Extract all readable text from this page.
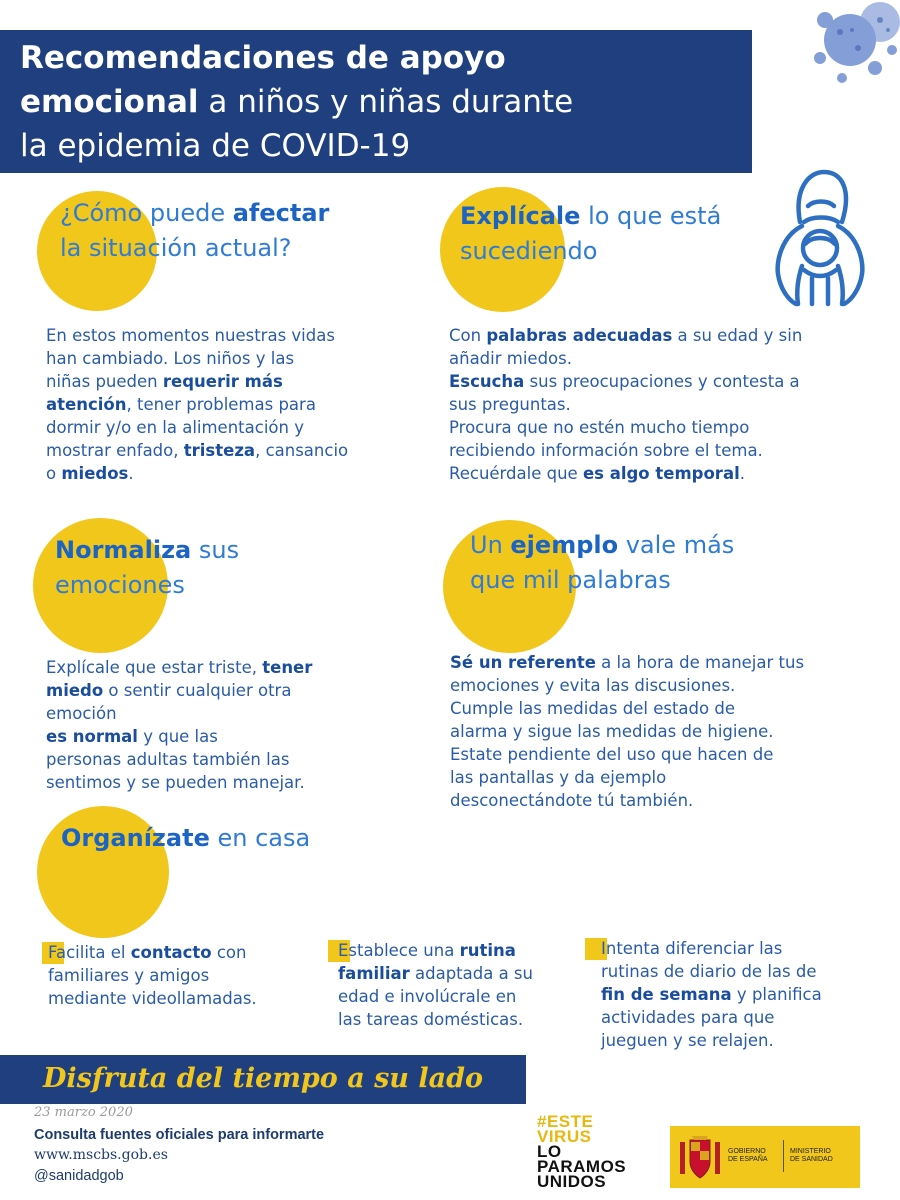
Recomendaciones de apoyo
emocional a niños y niñas durante
la epidemia de COVID-19
¿Cómo puede afectar
la situación actual?
En estos momentos nuestras vidas
han cambiado. Los niños y las
niñas pueden requerir más
atención, tener problemas para
dormir y/o en la alimentación y
mostrar enfado, tristeza, cansancio
o miedos.
Explícale lo que está
sucediendo
Con palabras adecuadas a su edad y sin
añadir miedos.
Escucha sus preocupaciones y contesta a
sus preguntas.
Procura que no estén mucho tiempo
recibiendo información sobre el tema.
Recuérdale que es algo temporal.
Normaliza sus
emociones
Explícale que estar triste, tener
miedo o sentir cualquier otra emoción
es normal y que las
personas adultas también las
sentimos y se pueden manejar.
Un ejemplo vale más
que mil palabras
Sé un referente a la hora de manejar tus
emociones y evita las discusiones.
Cumple las medidas del estado de
alarma y sigue las medidas de higiene.
Estate pendiente del uso que hacen de
las pantallas y da ejemplo
desconectándote tú también.
Organízate en casa
Facilita el contacto con
familiares y amigos
mediante videollamadas.
Establece una rutina
familiar adaptada a su
edad e involúcrale en
las tareas domésticas.
Intenta diferenciar las
rutinas de diario de las de
fin de semana y planifica
actividades para que
jueguen y se relajen.
Disfruta del tiempo a su lado
23 marzo 2020
Consulta fuentes oficiales para informarte
www.mscbs.gob.es
@sanidadgob
#ESTE
VIRUS
LO
PARAMOS
UNIDOS
GOBIERNO
DE ESPAÑA
MINISTERIO
DE SANIDAD
